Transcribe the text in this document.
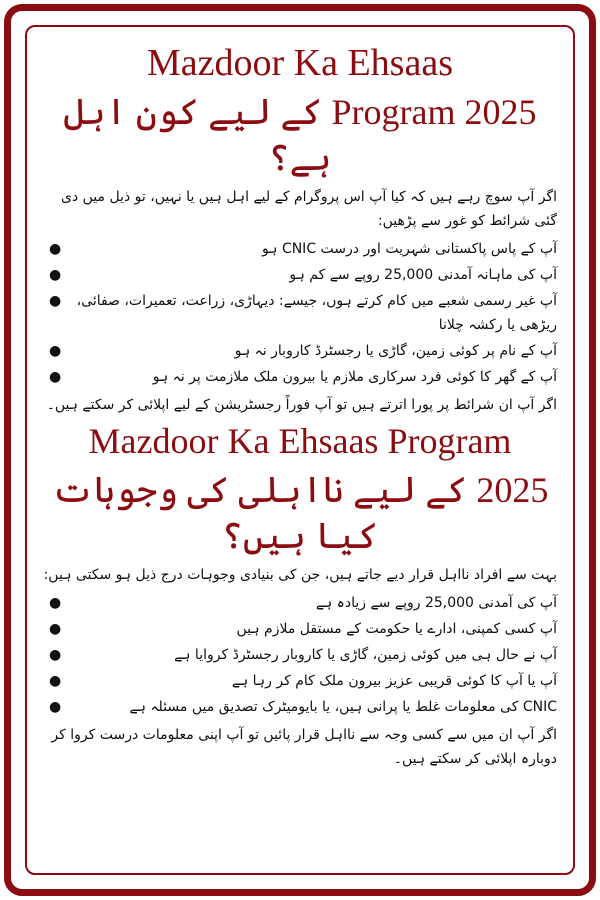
Mazdoor Ka Ehsaas
Program 2025 کے لیے کون اہل ہے؟

اگر آپ سوچ رہے ہیں کہ کیا آپ اس پروگرام کے لیے اہل ہیں یا نہیں، تو ذیل میں دی گئی شرائط کو غور سے پڑھیں:

●	آپ کے پاس پاکستانی شہریت اور درست CNIC ہو
●	آپ کی ماہانہ آمدنی 25,000 روپے سے کم ہو
● آپ غیر رسمی شعبے میں کام کرتے ہوں، جیسے: دیہاڑی، زراعت، تعمیرات، صفائی، ریڑھی یا رکشہ چلانا
●	آپ کے نام پر کوئی زمین، گاڑی یا رجسٹرڈ کاروبار نہ ہو
●	آپ کے گھر کا کوئی فرد سرکاری ملازم یا بیرون ملک ملازمت پر نہ ہو

اگر آپ ان شرائط پر پورا اترتے ہیں تو آپ فوراً رجسٹریشن کے لیے اپلائی کر سکتے ہیں۔

Mazdoor Ka Ehsaas Program
2025 کے لیے نااہلی کی وجوہات کیا ہیں؟

بہت سے افراد نااہل قرار دیے جاتے ہیں، جن کی بنیادی وجوہات درج ذیل ہو سکتی ہیں:

●	آپ کی آمدنی 25,000 روپے سے زیادہ ہے
●	آپ کسی کمپنی، ادارے یا حکومت کے مستقل ملازم ہیں
●	آپ نے حال ہی میں کوئی زمین، گاڑی یا کاروبار رجسٹرڈ کروایا ہے
●	آپ یا آپ کا کوئی قریبی عزیز بیرون ملک کام کر رہا ہے
●	CNIC کی معلومات غلط یا پرانی ہیں، یا بایومیٹرک تصدیق میں مسئلہ ہے

اگر آپ ان میں سے کسی وجہ سے نااہل قرار پائیں تو آپ اپنی معلومات درست کروا کر دوبارہ اپلائی کر سکتے ہیں۔
